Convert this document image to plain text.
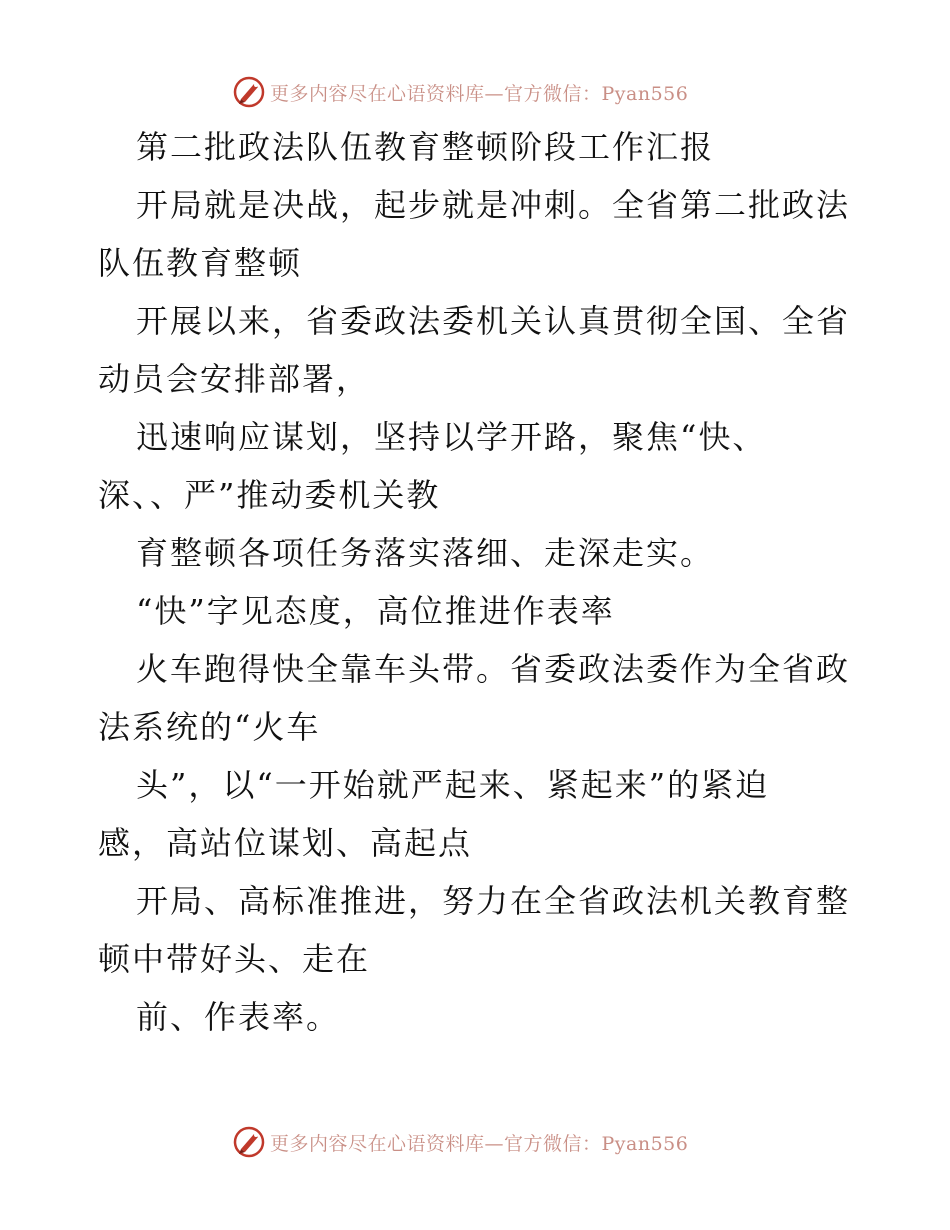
更多内容尽在心语资料库—官方微信：Pyan556
第二批政法队伍教育整顿阶段工作汇报
开局就是决战，起步就是冲刺。全省第二批政法
队伍教育整顿
开展以来，省委政法委机关认真贯彻全国、全省
动员会安排部署，
迅速响应谋划，坚持以学开路，聚焦“快、
深、、严”推动委机关教
育整顿各项任务落实落细、走深走实。
“快”字见态度，高位推进作表率
火车跑得快全靠车头带。省委政法委作为全省政
法系统的“火车
头”，以“一开始就严起来、紧起来”的紧迫
感，高站位谋划、高起点
开局、高标准推进，努力在全省政法机关教育整
顿中带好头、走在
前、作表率。
更多内容尽在心语资料库—官方微信：Pyan556
